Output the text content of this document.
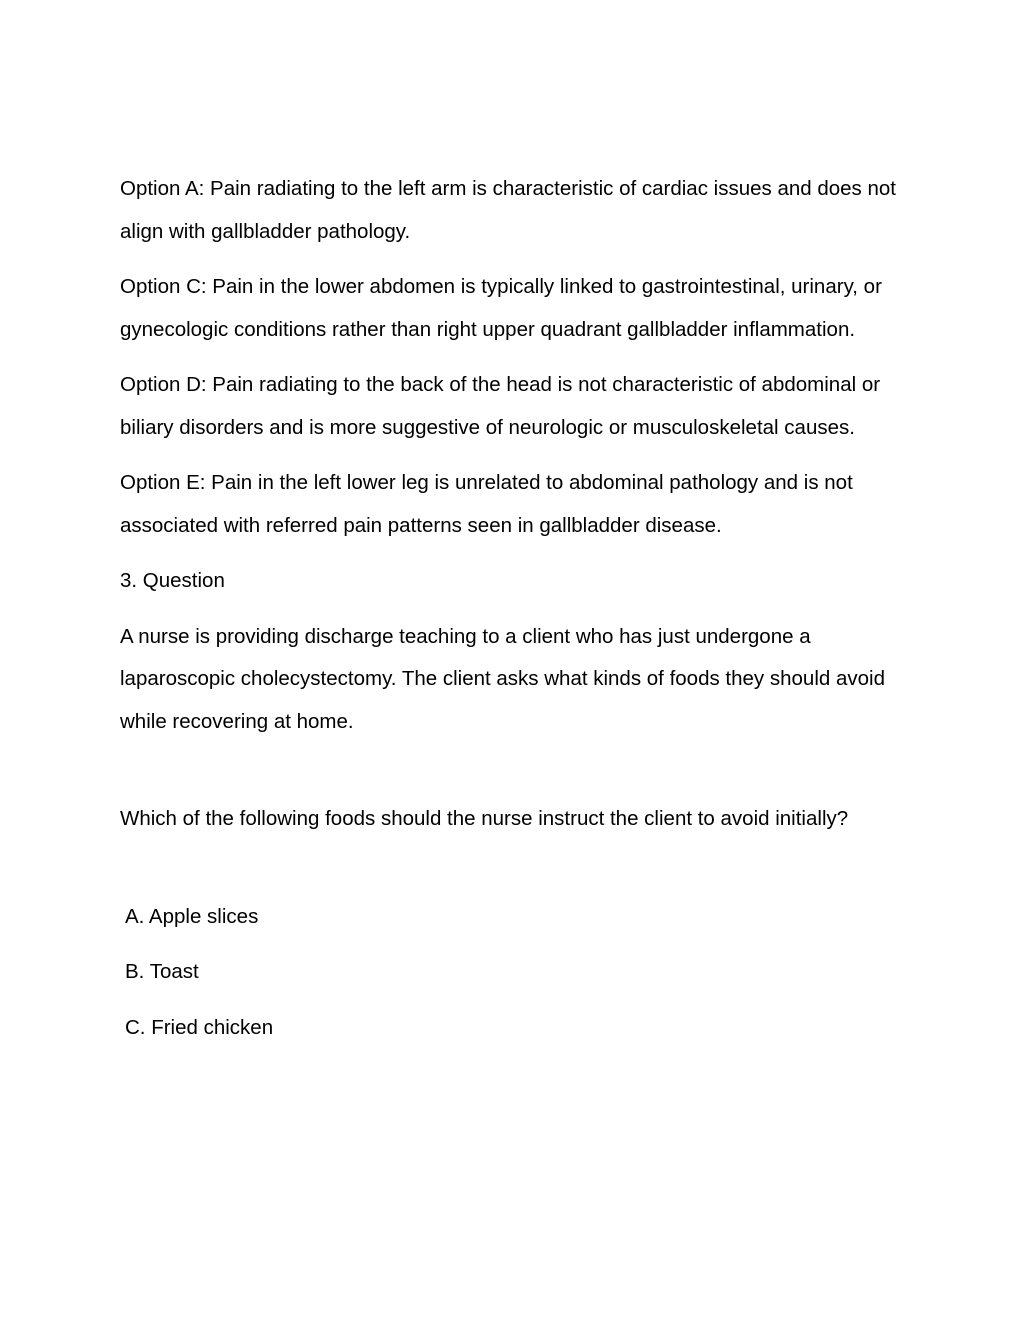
Option A: Pain radiating to the left arm is characteristic of cardiac issues and does not align with gallbladder pathology.

Option C: Pain in the lower abdomen is typically linked to gastrointestinal, urinary, or gynecologic conditions rather than right upper quadrant gallbladder inflammation.

Option D: Pain radiating to the back of the head is not characteristic of abdominal or biliary disorders and is more suggestive of neurologic or musculoskeletal causes.

Option E: Pain in the left lower leg is unrelated to abdominal pathology and is not associated with referred pain patterns seen in gallbladder disease.

3. Question

A nurse is providing discharge teaching to a client who has just undergone a laparoscopic cholecystectomy. The client asks what kinds of foods they should avoid while recovering at home.

Which of the following foods should the nurse instruct the client to avoid initially?

A. Apple slices

B. Toast

C. Fried chicken
